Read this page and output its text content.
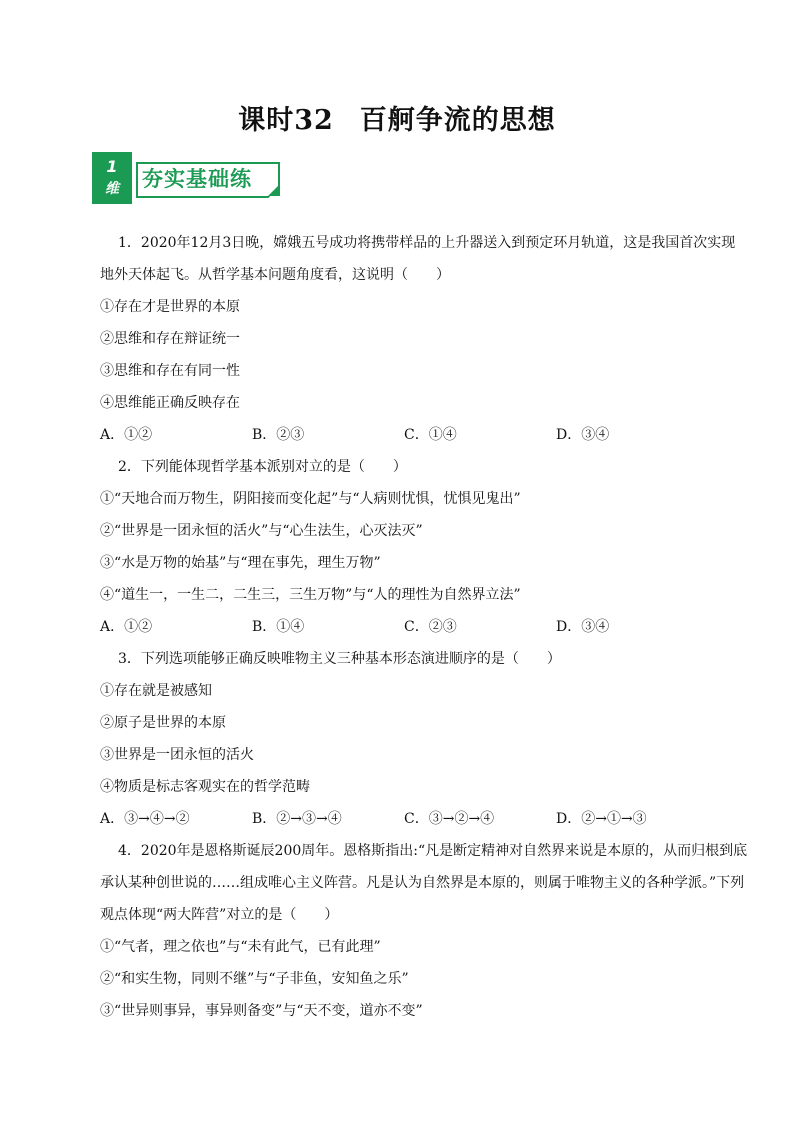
课时32 百舸争流的思想
1
维	夯实基础练
1．2020年12月3日晚，嫦娥五号成功将携带样品的上升器送入到预定环月轨道，这是我国首次实现
地外天体起飞。从哲学基本问题角度看，这说明（　　）
①存在才是世界的本原
②思维和存在辩证统一
③思维和存在有同一性
④思维能正确反映存在
A．①②	B．②③	C．①④	D．③④
2．下列能体现哲学基本派别对立的是（　　）
①“天地合而万物生，阴阳接而变化起”与“人病则忧惧，忧惧见鬼出”
②“世界是一团永恒的活火”与“心生法生，心灭法灭”
③“水是万物的始基”与“理在事先，理生万物”
④“道生一，一生二，二生三，三生万物”与“人的理性为自然界立法”
A．①②	B．①④	C．②③	D．③④
3．下列选项能够正确反映唯物主义三种基本形态演进顺序的是（　　）
①存在就是被感知
②原子是世界的本原
③世界是一团永恒的活火
④物质是标志客观实在的哲学范畴
A．③→④→②	B．②→③→④	C．③→②→④	D．②→①→③
4．2020年是恩格斯诞辰200周年。恩格斯指出:“凡是断定精神对自然界来说是本原的，从而归根到底
承认某种创世说的……组成唯心主义阵营。凡是认为自然界是本原的，则属于唯物主义的各种学派。”下列
观点体现“两大阵营”对立的是（　　）
①“气者，理之依也”与“未有此气，已有此理”
②“和实生物，同则不继”与“子非鱼，安知鱼之乐”
③“世异则事异，事异则备变”与“天不变，道亦不变”
